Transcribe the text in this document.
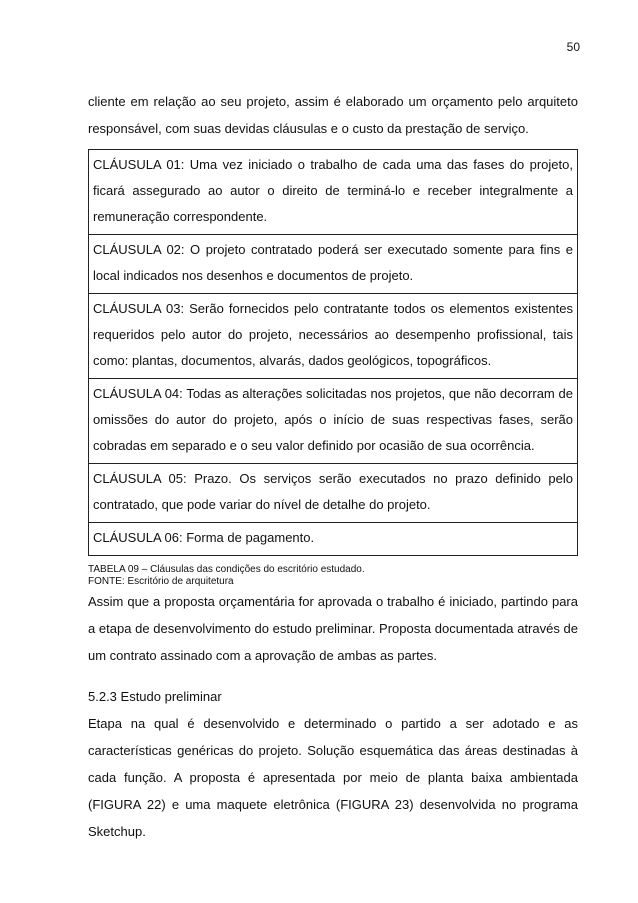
50

cliente em relação ao seu projeto, assim é elaborado um orçamento pelo arquiteto responsável, com suas devidas cláusulas e o custo da prestação de serviço.

CLÁUSULA 01: Uma vez iniciado o trabalho de cada uma das fases do projeto, ficará assegurado ao autor o direito de terminá-lo e receber integralmente a remuneração correspondente.
CLÁUSULA 02: O projeto contratado poderá ser executado somente para fins e local indicados nos desenhos e documentos de projeto.
CLÁUSULA 03: Serão fornecidos pelo contratante todos os elementos existentes requeridos pelo autor do projeto, necessários ao desempenho profissional, tais como: plantas, documentos, alvarás, dados geológicos, topográficos.
CLÁUSULA 04: Todas as alterações solicitadas nos projetos, que não decorram de omissões do autor do projeto, após o início de suas respectivas fases, serão cobradas em separado e o seu valor definido por ocasião de sua ocorrência.
CLÁUSULA 05: Prazo. Os serviços serão executados no prazo definido pelo contratado, que pode variar do nível de detalhe do projeto.
CLÁUSULA 06: Forma de pagamento.
TABELA 09 – Cláusulas das condições do escritório estudado.
FONTE: Escritório de arquitetura

Assim que a proposta orçamentária for aprovada o trabalho é iniciado, partindo para a etapa de desenvolvimento do estudo preliminar. Proposta documentada através de um contrato assinado com a aprovação de ambas as partes.

5.2.3 Estudo preliminar

Etapa na qual é desenvolvido e determinado o partido a ser adotado e as características genéricas do projeto. Solução esquemática das áreas destinadas à cada função. A proposta é apresentada por meio de planta baixa ambientada (FIGURA 22) e uma maquete eletrônica (FIGURA 23) desenvolvida no programa Sketchup.
